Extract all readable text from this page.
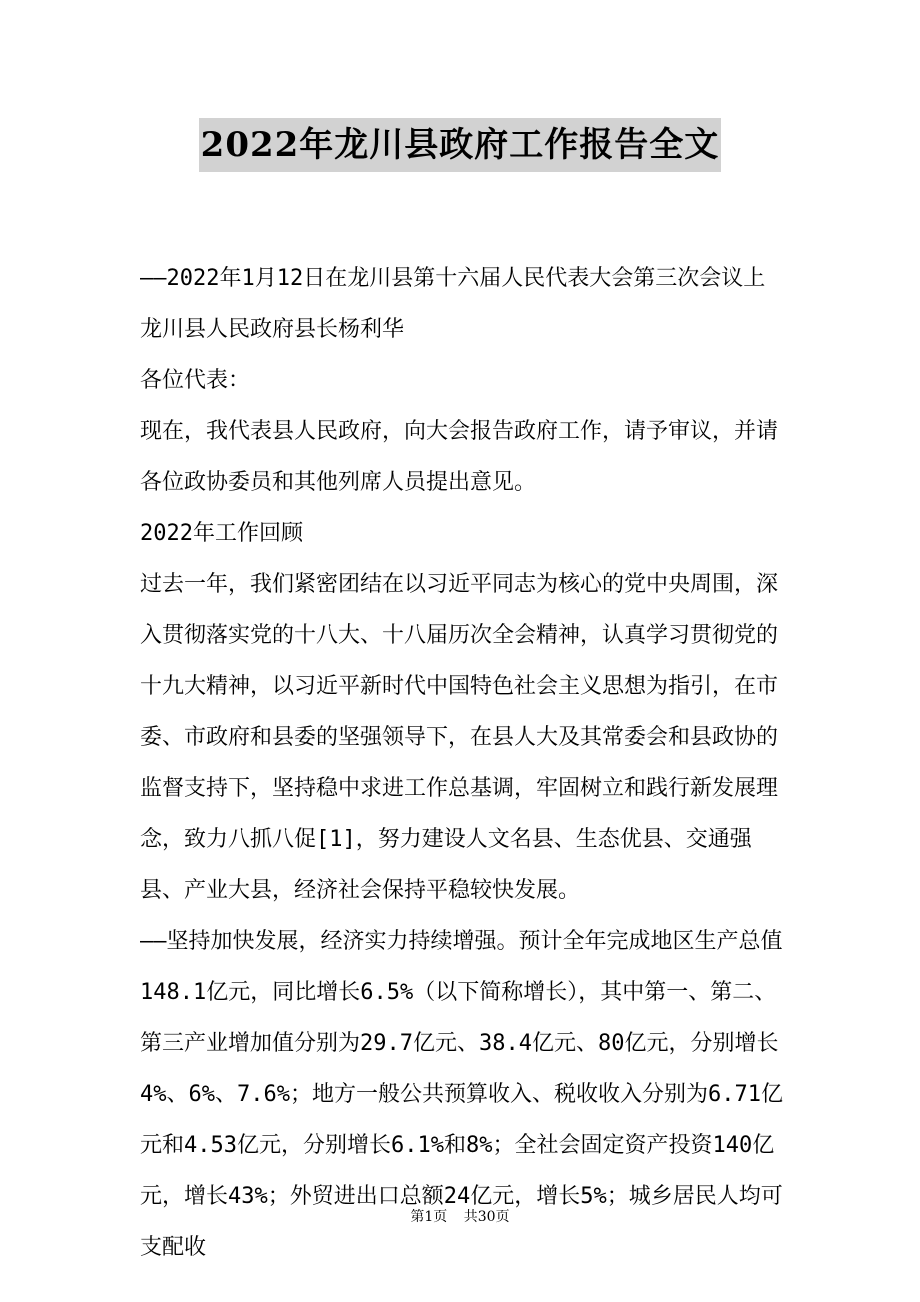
2022年龙川县政府工作报告全文

——2022年1月12日在龙川县第十六届人民代表大会第三次会议上

龙川县人民政府县长杨利华

各位代表：

现在，我代表县人民政府，向大会报告政府工作，请予审议，并请各位政协委员和其他列席人员提出意见。

2022年工作回顾

过去一年，我们紧密团结在以习近平同志为核心的党中央周围，深入贯彻落实党的十八大、十八届历次全会精神，认真学习贯彻党的十九大精神，以习近平新时代中国特色社会主义思想为指引，在市委、市政府和县委的坚强领导下，在县人大及其常委会和县政协的监督支持下，坚持稳中求进工作总基调，牢固树立和践行新发展理念，致力八抓八促[1]，努力建设人文名县、生态优县、交通强县、产业大县，经济社会保持平稳较快发展。

——坚持加快发展，经济实力持续增强。预计全年完成地区生产总值148.1亿元，同比增长6.5%（以下简称增长），其中第一、第二、第三产业增加值分别为29.7亿元、38.4亿元、80亿元，分别增长4%、6%、7.6%；地方一般公共预算收入、税收收入分别为6.71亿元和4.53亿元，分别增长6.1%和8%；全社会固定资产投资140亿元，增长43%；外贸进出口总额24亿元，增长5%；城乡居民人均可支配收

第1页 共30页
